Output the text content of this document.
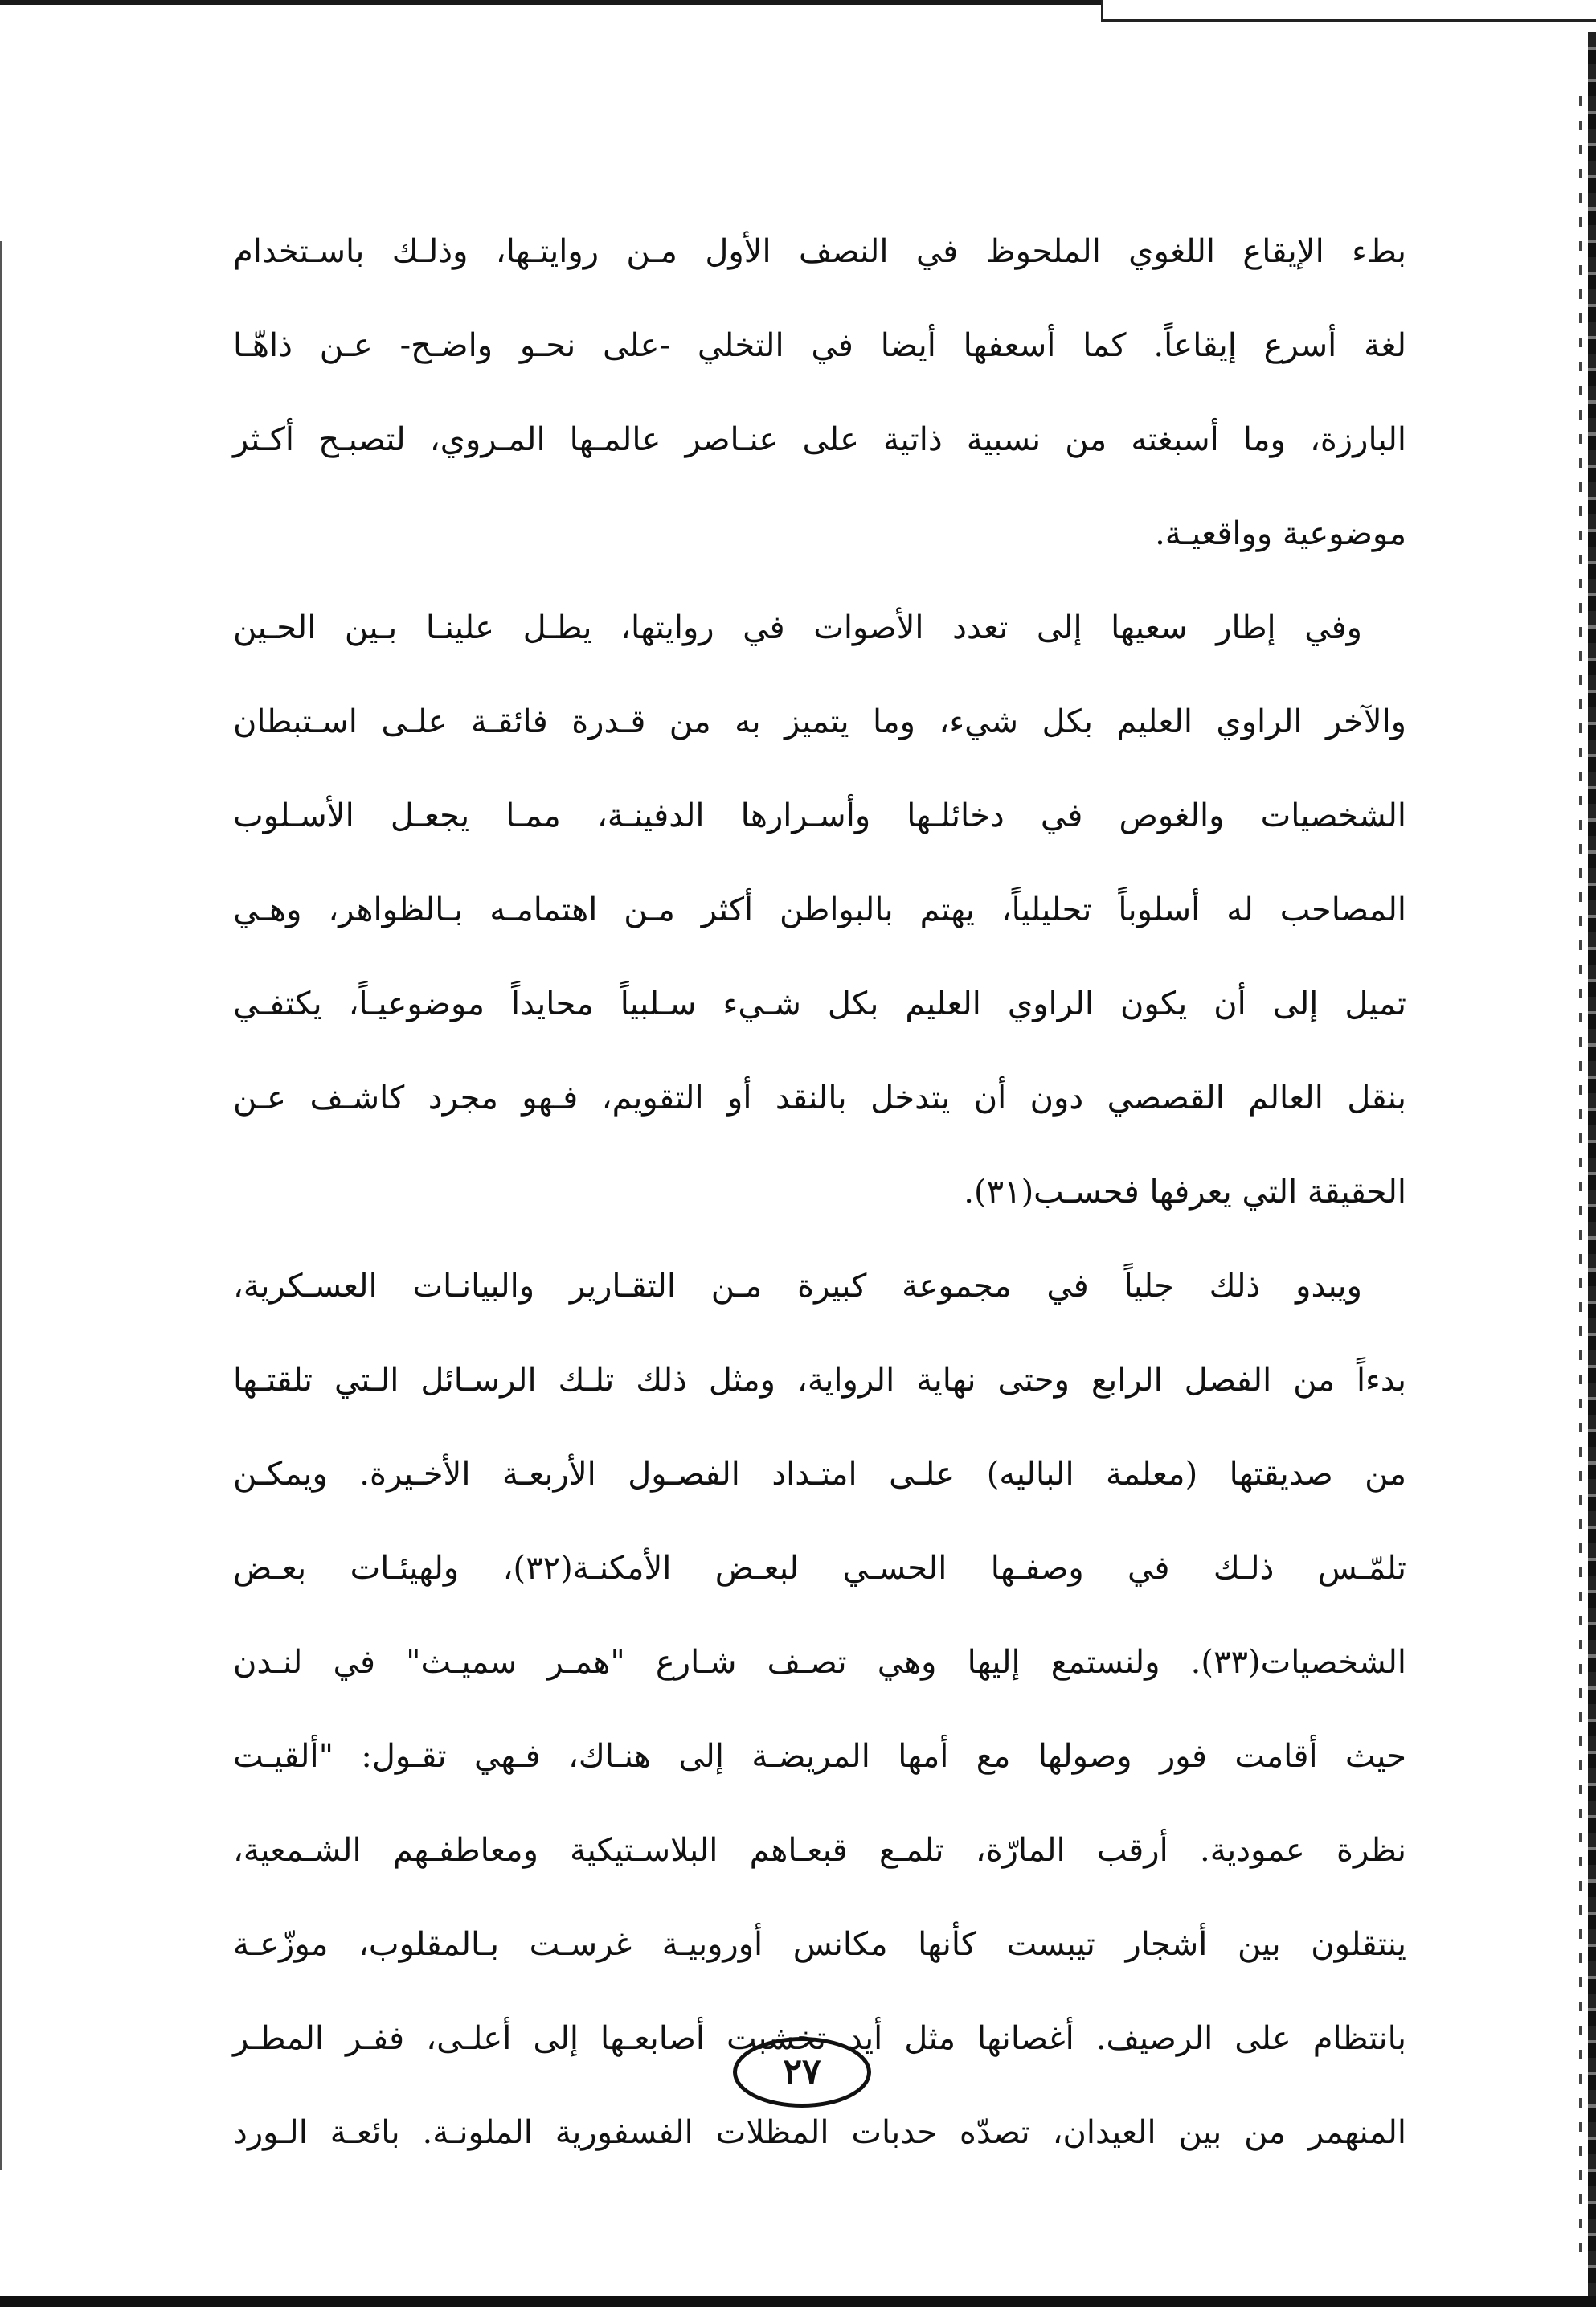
بطء الإيقاع اللغوي الملحوظ في النصف الأول مـن روايتـها، وذلـك باسـتخدام
لغة أسرع إيقاعاً. كما أسعفها أيضا في التخلي -على نحـو واضـح- عـن ذاهّـا
البارزة، وما أسبغته من نسبية ذاتية على عنـاصر عالمـها المـروي، لتصبـح أكـثر
موضوعية وواقعيـة.
وفي إطار سعيها إلى تعدد الأصوات في روايتها، يطـل علينـا بـين الحـين
والآخر الراوي العليم بكل شيء، وما يتميز به من قـدرة فائقـة علـى اسـتبطان
الشخصيات والغوص في دخائلـها وأسـرارها الدفينـة، ممـا يجعـل الأسـلوب
المصاحب له أسلوباً تحليلياً، يهتم بالبواطن أكثر مـن اهتمامـه بـالظواهر، وهـي
تميل إلى أن يكون الراوي العليم بكل شـيء سـلبياً محايداً موضوعيـاً، يكتفـي
بنقل العالم القصصي دون أن يتدخل بالنقد أو التقويم، فـهو مجرد كاشـف عـن
الحقيقة التي يعرفها فحسـب(٣١).
ويبدو ذلك جلياً في مجموعة كبيرة مـن التقـارير والبيانـات العسـكرية،
بدءاً من الفصل الرابع وحتى نهاية الرواية، ومثل ذلك تلـك الرسـائل الـتي تلقتـها
من صديقتها (معلمة الباليه) علـى امتـداد الفصـول الأربعـة الأخـيرة. ويمكـن
تلمّـس ذلـك في وصفـها الحسـي لبعـض الأمكنـة(٣٢)، ولهيئـات بعـض
الشخصيات(٣٣). ولنستمع إليها وهي تصـف شـارع "همـر سميـث" في لنـدن
حيث أقامت فور وصولها مع أمها المريضـة إلى هنـاك، فـهي تقـول: "ألقيـت
نظرة عمودية. أرقب المارّة، تلمـع قبعـاهم البلاسـتيكية ومعاطفـهم الشـمعية،
ينتقلون بين أشجار تيبست كأنها مكانس أوروبيـة غرسـت بـالمقلوب، موزّعـة
بانتظام على الرصيف. أغصانها مثل أيد تخشبت أصابعـها إلى أعلـى، ففـر المطـر
المنهمر من بين العيدان، تصدّه حدبات المظلات الفسفورية الملونـة. بائعـة الـورد
٢٧
